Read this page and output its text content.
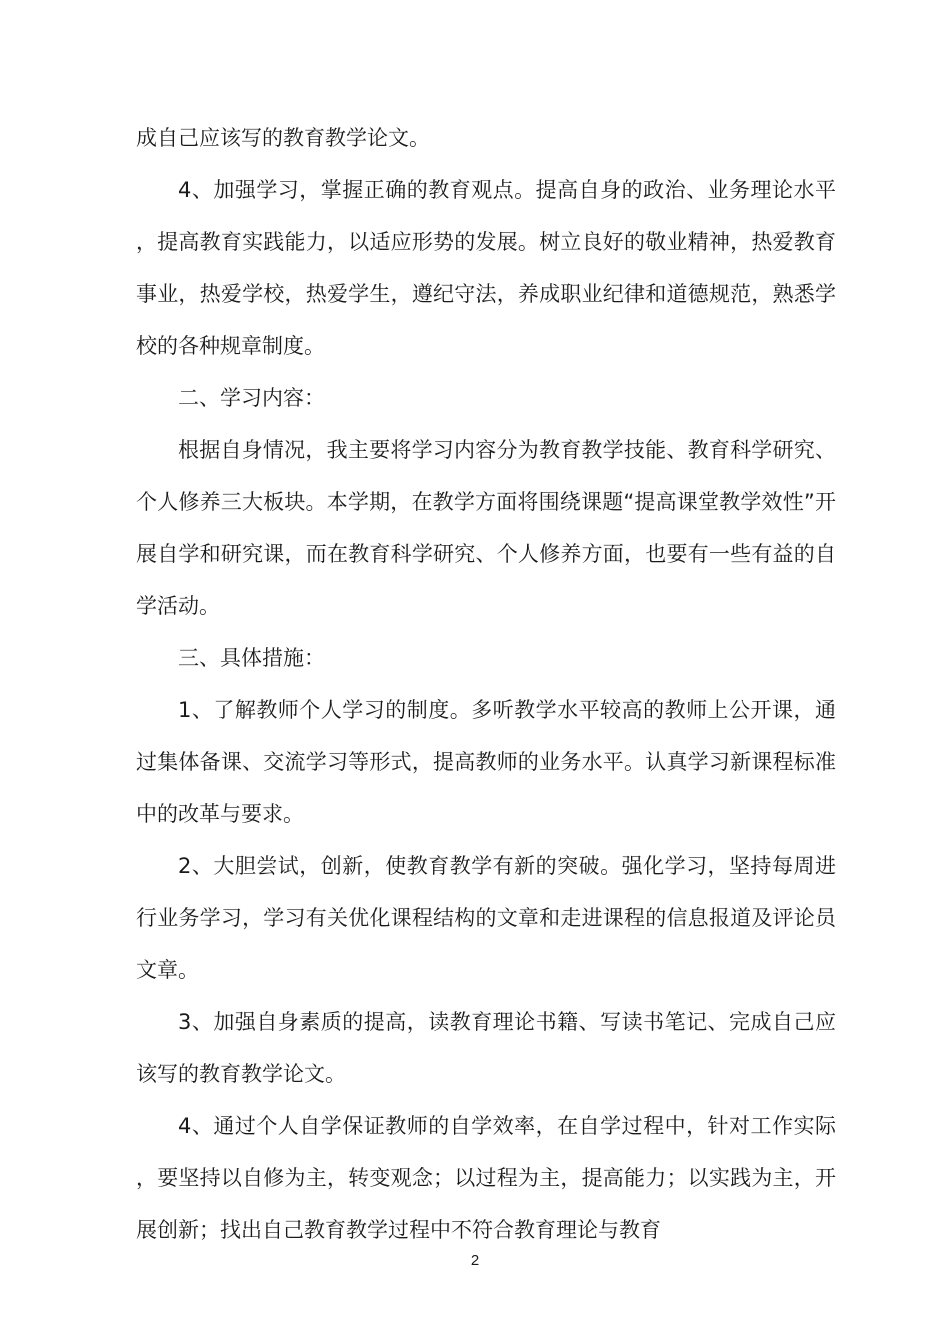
成自己应该写的教育教学论文。

4、加强学习，掌握正确的教育观点。提高自身的政治、业务理论水平，提高教育实践能力，以适应形势的发展。树立良好的敬业精神，热爱教育事业，热爱学校，热爱学生，遵纪守法，养成职业纪律和道德规范，熟悉学校的各种规章制度。

二、学习内容：

根据自身情况，我主要将学习内容分为教育教学技能、教育科学研究、个人修养三大板块。本学期，在教学方面将围绕课题“提高课堂教学效性”开展自学和研究课，而在教育科学研究、个人修养方面，也要有一些有益的自学活动。

三、具体措施：

1、了解教师个人学习的制度。多听教学水平较高的教师上公开课，通过集体备课、交流学习等形式，提高教师的业务水平。认真学习新课程标准中的改革与要求。

2、大胆尝试，创新，使教育教学有新的突破。强化学习，坚持每周进行业务学习，学习有关优化课程结构的文章和走进课程的信息报道及评论员文章。

3、加强自身素质的提高，读教育理论书籍、写读书笔记、完成自己应该写的教育教学论文。

4、通过个人自学保证教师的自学效率，在自学过程中，针对工作实际，要坚持以自修为主，转变观念；以过程为主，提高能力；以实践为主，开展创新；找出自己教育教学过程中不符合教育理论与教育

2
